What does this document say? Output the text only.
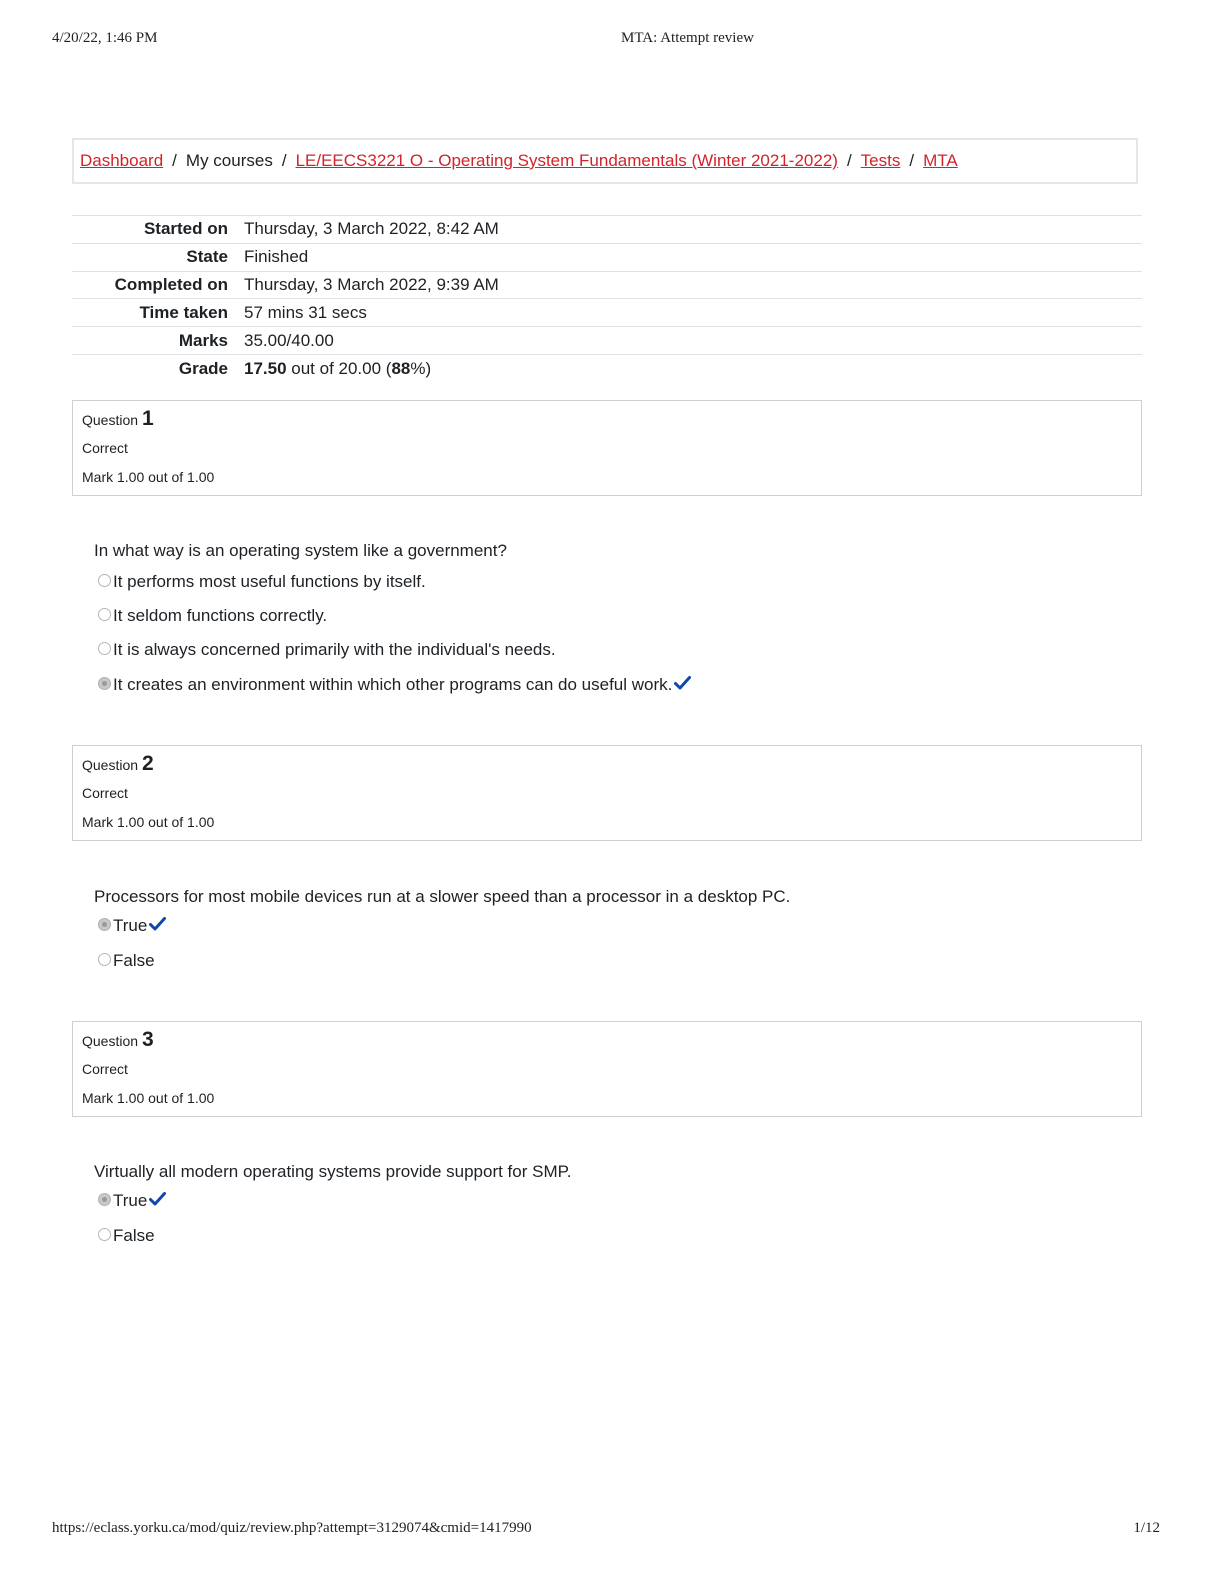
4/20/22, 1:46 PM	MTA: Attempt review
Dashboard / My courses / LE/EECS3221 O - Operating System Fundamentals (Winter 2021-2022) / Tests / MTA
Started on	Thursday, 3 March 2022, 8:42 AM
State	Finished
Completed on	Thursday, 3 March 2022, 9:39 AM
Time taken	57 mins 31 secs
Marks	35.00/40.00
Grade	17.50 out of 20.00 (88%)
Question 1
Correct
Mark 1.00 out of 1.00
In what way is an operating system like a government?
It performs most useful functions by itself.
It seldom functions correctly.
It is always concerned primarily with the individual's needs.
It creates an environment within which other programs can do useful work.
Question 2
Correct
Mark 1.00 out of 1.00
Processors for most mobile devices run at a slower speed than a processor in a desktop PC.
True
False
Question 3
Correct
Mark 1.00 out of 1.00
Virtually all modern operating systems provide support for SMP.
True
False
https://eclass.yorku.ca/mod/quiz/review.php?attempt=3129074&cmid=1417990	1/12
